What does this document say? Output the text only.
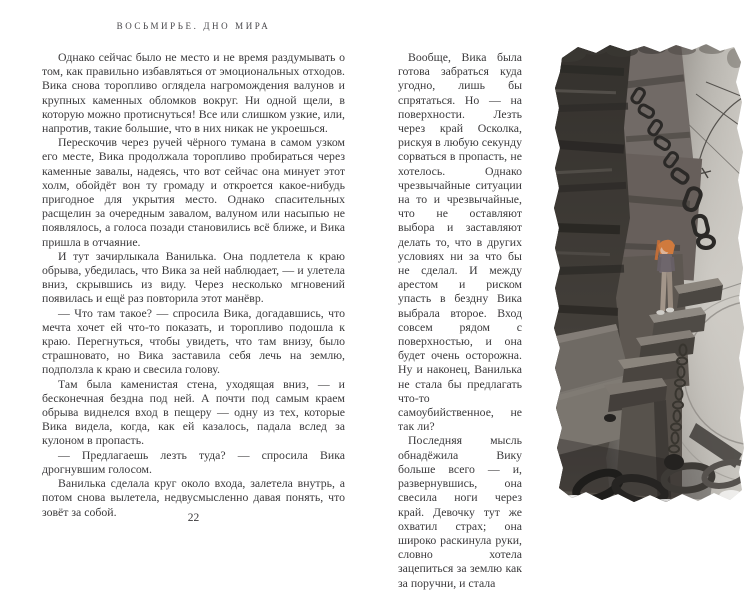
ВОСЬМИРЬЕ. ДНО МИРА

Однако сейчас было не место и не время раздумывать о том, как правильно избавляться от эмоциональных отходов. Вика снова торопливо оглядела нагромождения валунов и крупных каменных обломков вокруг. Ни одной щели, в которую можно протиснуться! Все или слишком узкие, или, напротив, такие большие, что в них никак не укроешься.

Перескочив через ручей чёрного тумана в самом узком его месте, Вика продолжала торопливо пробираться через каменные завалы, надеясь, что вот сейчас она минует этот холм, обойдёт вон ту громаду и откроется какое-нибудь пригодное для укрытия место. Однако спасительных расщелин за очередным завалом, валуном или насыпью не появлялось, а голоса позади становились всё ближе, и Вика пришла в отчаяние.

И тут зачирлыкала Ванилька. Она подлетела к краю обрыва, убедилась, что Вика за ней наблюдает, — и улетела вниз, скрывшись из виду. Через несколько мгновений появилась и ещё раз повторила этот манёвр.

— Что там такое? — спросила Вика, догадавшись, что мечта хочет ей что-то показать, и торопливо подошла к краю. Перегнуться, чтобы увидеть, что там внизу, было страшновато, но Вика заставила себя лечь на землю, подползла к краю и свесила голову.

Там была каменистая стена, уходящая вниз, — и бесконечная бездна под ней. А почти под самым краем обрыва виднелся вход в пещеру — одну из тех, которые Вика видела, когда, как ей казалось, падала вслед за кулоном в пропасть.

— Предлагаешь лезть туда? — спросила Вика дрогнувшим голосом.

Ванилька сделала круг около входа, залетела внутрь, а потом снова вылетела, недвусмысленно давая понять, что зовёт за собой.	22

Вообще, Вика была готова забраться куда угодно, лишь бы спрятаться. Но — на поверхности. Лезть через край Осколка, рискуя в любую секунду сорваться в пропасть, не хотелось. Однако чрезвычайные ситуации на то и чрезвычайные, что не оставляют выбора и заставляют делать то, что в других условиях ни за что бы не сделал. И между арестом и риском упасть в бездну Вика выбрала второе. Вход совсем рядом с поверхностью, и она будет очень осторожна. Ну и наконец, Ванилька не стала бы предлагать что-то самоубийственное, не так ли?

Последняя мысль обнадёжила Вику больше всего — и, развернувшись, она свесила ноги через край. Девочку тут же охватил страх; она широко раскинула руки, словно хотела зацепиться за землю как за поручни, и стала
